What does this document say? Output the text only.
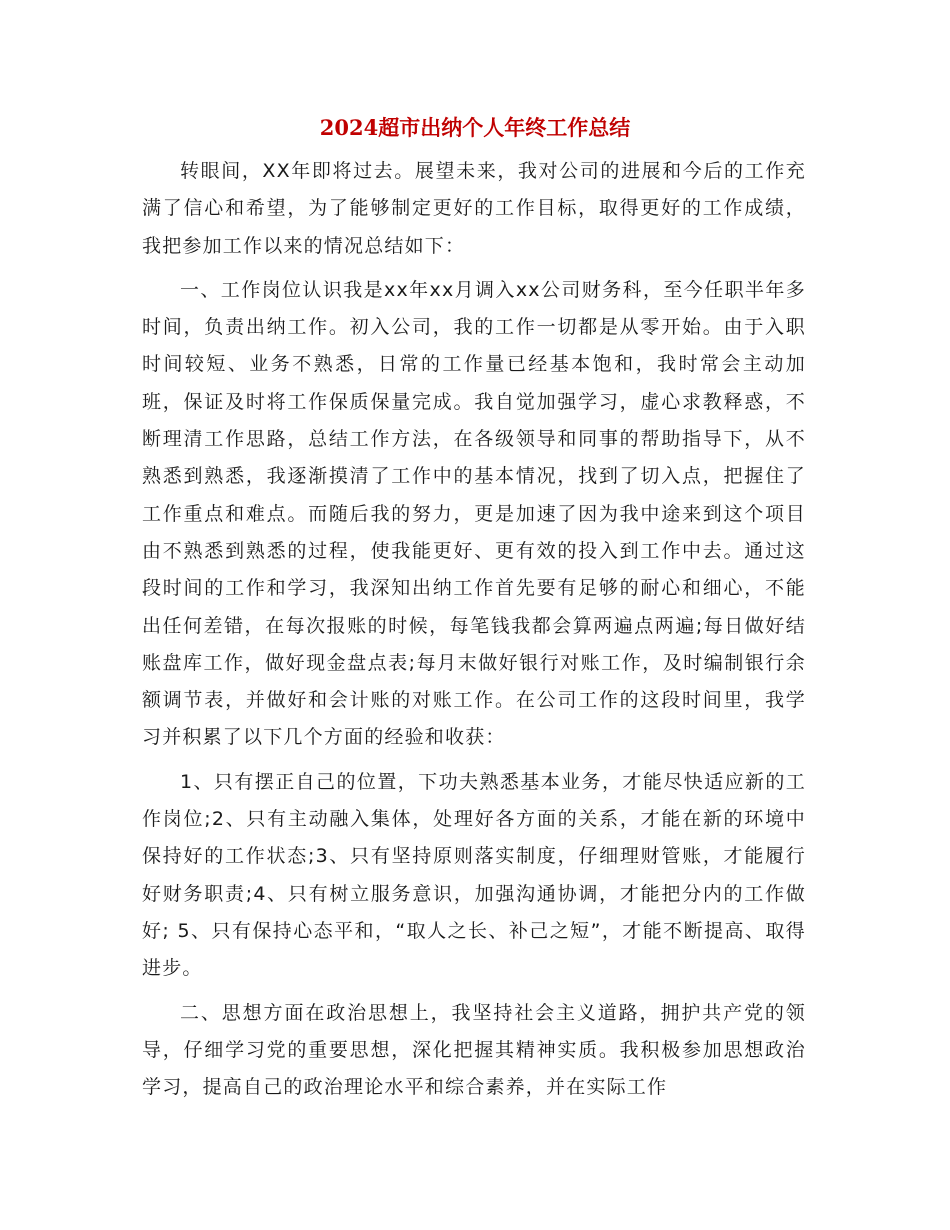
2024超市出纳个人年终工作总结

转眼间，XX年即将过去。展望未来，我对公司的进展和今后的工作充满了信心和希望，为了能够制定更好的工作目标，取得更好的工作成绩，我把参加工作以来的情况总结如下：

一、工作岗位认识我是xx年xx月调入xx公司财务科，至今任职半年多时间，负责出纳工作。初入公司，我的工作一切都是从零开始。由于入职时间较短、业务不熟悉，日常的工作量已经基本饱和，我时常会主动加班，保证及时将工作保质保量完成。我自觉加强学习，虚心求教释惑，不断理清工作思路，总结工作方法，在各级领导和同事的帮助指导下，从不熟悉到熟悉，我逐渐摸清了工作中的基本情况，找到了切入点，把握住了工作重点和难点。而随后我的努力，更是加速了因为我中途来到这个项目由不熟悉到熟悉的过程，使我能更好、更有效的投入到工作中去。通过这段时间的工作和学习，我深知出纳工作首先要有足够的耐心和细心，不能出任何差错，在每次报账的时候，每笔钱我都会算两遍点两遍;每日做好结账盘库工作，做好现金盘点表;每月末做好银行对账工作，及时编制银行余额调节表，并做好和会计账的对账工作。在公司工作的这段时间里，我学习并积累了以下几个方面的经验和收获：

1、只有摆正自己的位置，下功夫熟悉基本业务，才能尽快适应新的工作岗位;2、只有主动融入集体，处理好各方面的关系，才能在新的环境中保持好的工作状态;3、只有坚持原则落实制度，仔细理财管账，才能履行好财务职责;4、只有树立服务意识，加强沟通协调，才能把分内的工作做好; 5、只有保持心态平和，“取人之长、补己之短”，才能不断提高、取得进步。

二、思想方面在政治思想上，我坚持社会主义道路，拥护共产党的领导，仔细学习党的重要思想，深化把握其精神实质。我积极参加思想政治学习，提高自己的政治理论水平和综合素养，并在实际工作
